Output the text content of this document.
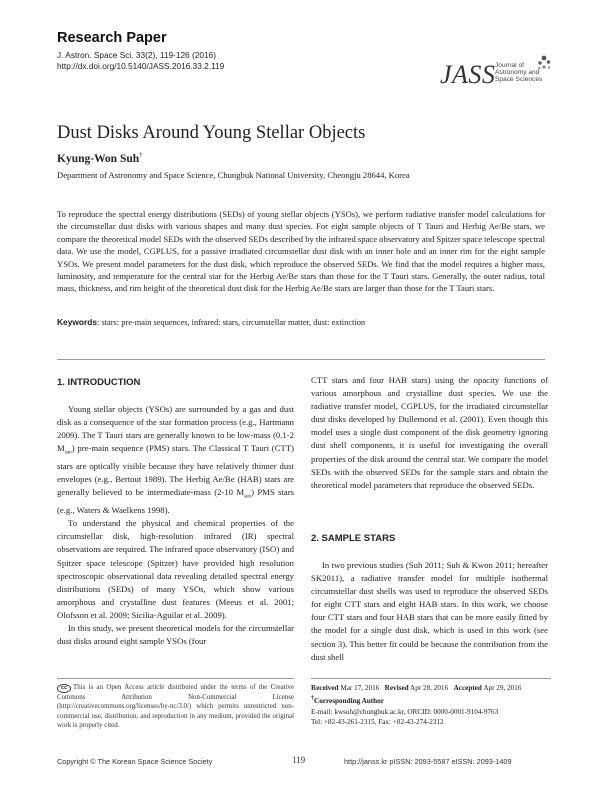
Research Paper
J. Astron. Space Sci. 33(2), 119-126 (2016)
http://dx.doi.org/10.5140/JASS.2016.33.2.119	JASS Journal of
Astronomy and
Space Sciences
Dust Disks Around Young Stellar Objects
Kyung-Won Suh†
Department of Astronomy and Space Science, Chungbuk National University, Cheongju 28644, Korea
To reproduce the spectral energy distributions (SEDs) of young stellar objects (YSOs), we perform radiative transfer model calculations for the circumstellar dust disks with various shapes and many dust species. For eight sample objects of T Tauri and Herbig Ae/Be stars, we compare the theoretical model SEDs with the observed SEDs described by the infrared space observatory and Spitzer space telescope spectral data. We use the model, CGPLUS, for a passive irradiated circumstellar dust disk with an inner hole and an inner rim for the eight sample YSOs. We present model parameters for the dust disk, which reproduce the observed SEDs. We find that the model requires a higher mass, luminosity, and temperature for the central star for the Herbig Ae/Be stars than those for the T Tauri stars. Generally, the outer radius, total mass, thickness, and rim height of the theoretical dust disk for the Herbig Ae/Be stars are larger than those for the T Tauri stars.
Keywords: stars: pre-main sequences, infrared: stars, circumstellar matter, dust: extinction
1. INTRODUCTION

Young stellar objects (YSOs) are surrounded by a gas and dust disk as a consequence of the star formation process (e.g., Hartmann 2009). The T Tauri stars are generally known to be low-mass (0.1-2 $M_{sun}$) pre-main sequence (PMS) stars. The Classical T Tauri (CTT) stars are optically visible because they have relatively thinner dust envelopes (e.g., Bertout 1989). The Herbig Ae/Be (HAB) stars are generally believed to be intermediate-mass (2-10 $M_{sun}$) PMS stars (e.g., Waters & Waelkens 1998).

To understand the physical and chemical properties of the circumstellar disk, high-resolution infrared (IR) spectral observations are required. The infrared space observatory (ISO) and Spitzer space telescope (Spitzer) have provided high resolution spectroscopic observational data revealing detailed spectral energy distributions (SEDs) of many YSOs, which show various amorphous and crystalline dust features (Meeus et al. 2001; Olofsson et al. 2009; Sicilia-Aguilar et al. 2009).

In this study, we present theoretical models for the circumstellar dust disks around eight sample YSOs (four

CTT stars and four HAB stars) using the opacity functions of various amorphous and crystalline dust species. We use the radiative transfer model, CGPLUS, for the irradiated circumstellar dust disks developed by Dullemond et al. (2001). Even though this model uses a single dust component of the disk geometry ignoring dust shell components, it is useful for investigating the overall properties of the disk around the central star. We compare the model SEDs with the observed SEDs for the sample stars and obtain the theoretical model parameters that reproduce the observed SEDs.

2. SAMPLE STARS

In two previous studies (Suh 2011; Suh & Kwon 2011; hereafter SK2011), a radiative transfer model for multiple isothermal circumstellar dust shells was used to reproduce the observed SEDs for eight CTT stars and eight HAB stars. In this work, we choose four CTT stars and four HAB stars that can be more easily fitted by the model for a single dust disk, which is used in this work (see section 3). This better fit could be because the contribution from the dust shell

cc This is an Open Access article distributed under the terms of the Creative Commons Attribution Non-Commercial License (http://creativecommons.org/licenses/by-nc/3.0/) which permits unrestricted non-commercial use, distribution, and reproduction in any medium, provided the original work is properly cited.
Received Mar 17, 2016 Revised Apr 28, 2016 Accepted Apr 29, 2016
†Corresponding Author
E-mail: kwsuh@chungbuk.ac.kr, ORCID: 0000-0001-9104-9763
Tel: +82-43-261-2315, Fax: +82-43-274-2312
Copyright © The Korean Space Science Society	119	http://janss.kr pISSN: 2093-5587 eISSN: 2093-1409
